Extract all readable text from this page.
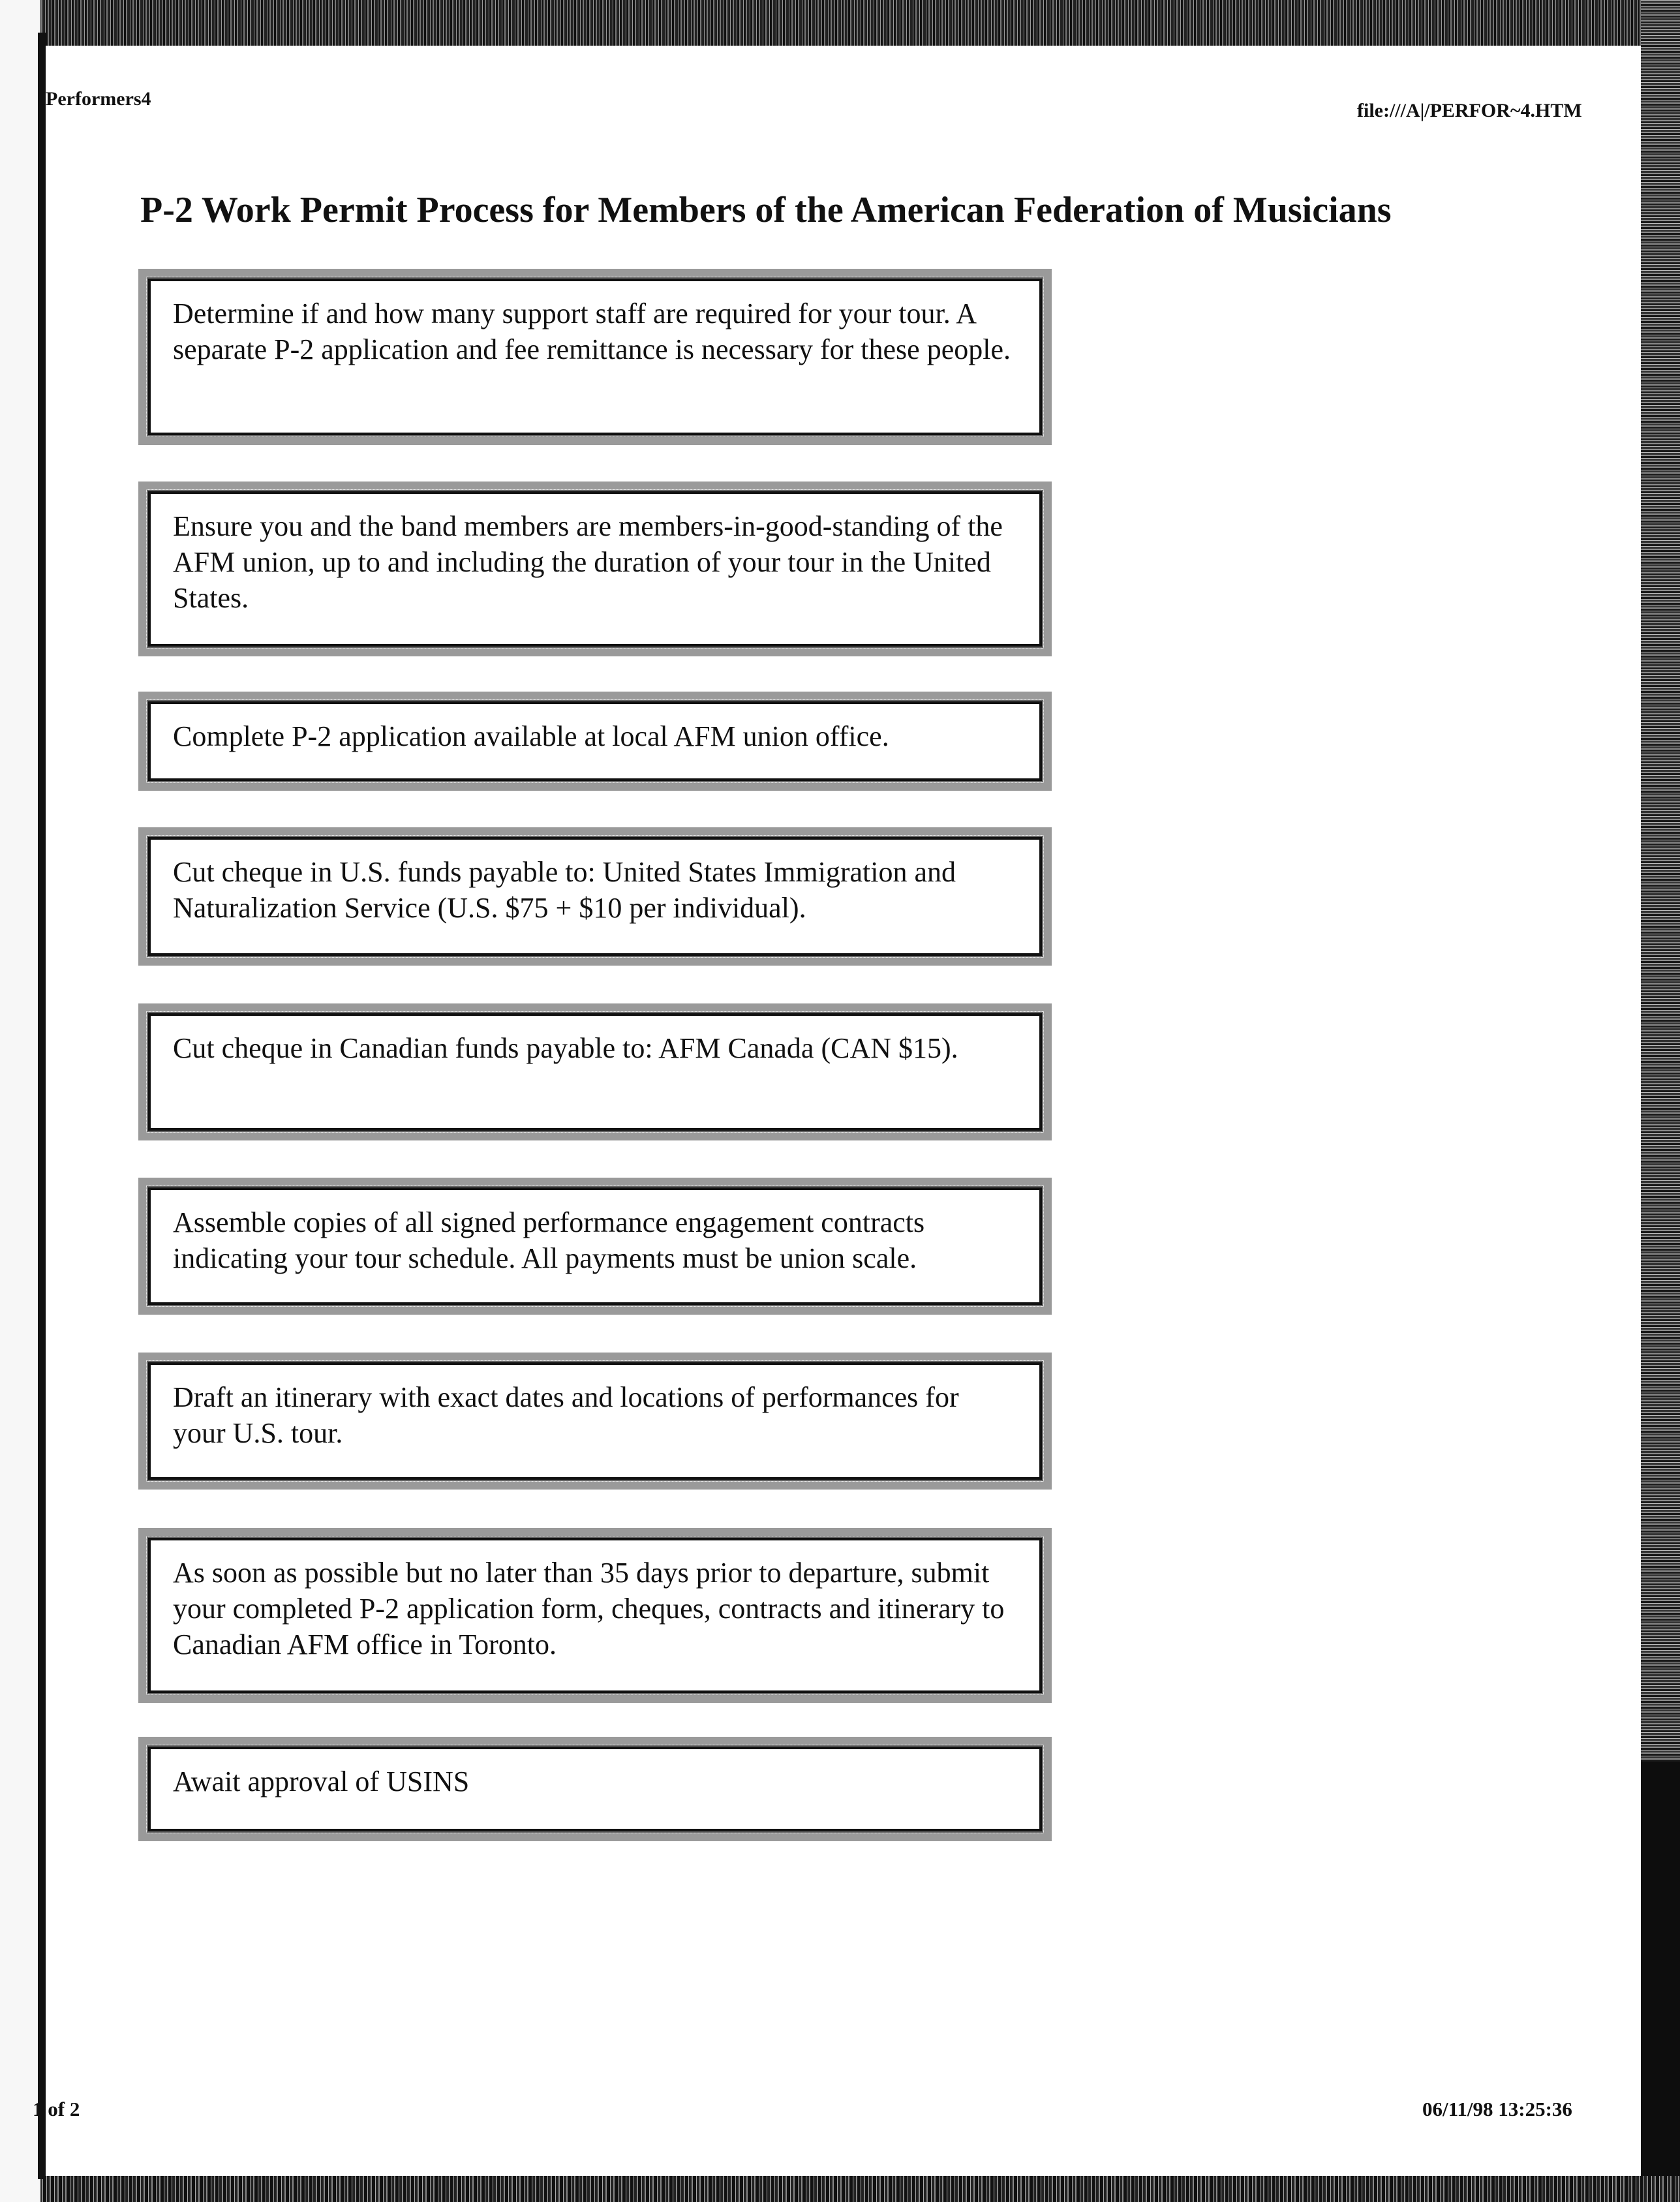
Performers4
file:///A|/PERFOR~4.HTM
P-2 Work Permit Process for Members of the American Federation of Musicians
Determine if and how many support staff are required for your tour. A separate P-2 application and fee remittance is necessary for these people.
Ensure you and the band members are members-in-good-standing of the AFM union, up to and including the duration of your tour in the United States.
Complete P-2 application available at local AFM union office.
Cut cheque in U.S. funds payable to: United States Immigration and Naturalization Service (U.S. $75 + $10 per individual).
Cut cheque in Canadian funds payable to: AFM Canada (CAN $15).
Assemble copies of all signed performance engagement contracts indicating your tour schedule. All payments must be union scale.
Draft an itinerary with exact dates and locations of performances for your U.S. tour.
As soon as possible but no later than 35 days prior to departure, submit your completed P-2 application form, cheques, contracts and itinerary to Canadian AFM office in Toronto.
Await approval of USINS
1 of 2	06/11/98 13:25:36
